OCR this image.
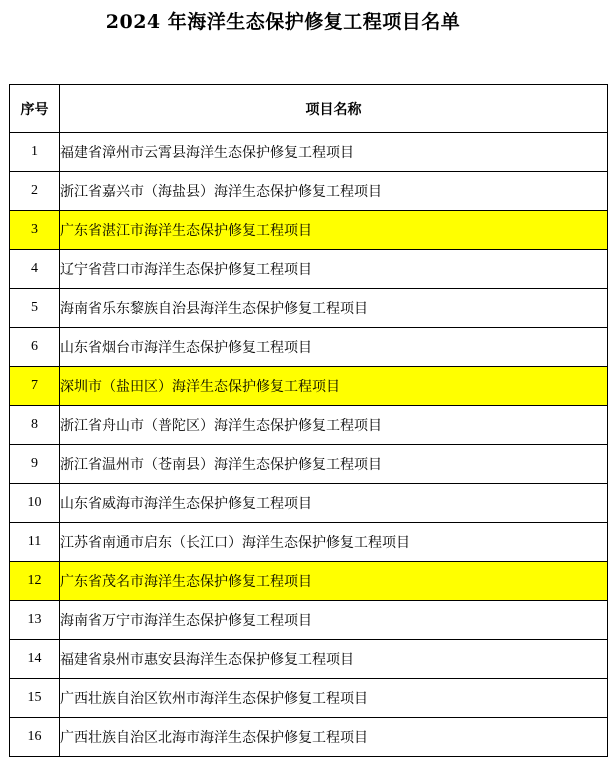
2024 年海洋生态保护修复工程项目名单
序号	项目名称
1	福建省漳州市云霄县海洋生态保护修复工程项目
2	浙江省嘉兴市（海盐县）海洋生态保护修复工程项目
3	广东省湛江市海洋生态保护修复工程项目
4	辽宁省营口市海洋生态保护修复工程项目
5	海南省乐东黎族自治县海洋生态保护修复工程项目
6	山东省烟台市海洋生态保护修复工程项目
7	深圳市（盐田区）海洋生态保护修复工程项目
8	浙江省舟山市（普陀区）海洋生态保护修复工程项目
9	浙江省温州市（苍南县）海洋生态保护修复工程项目
10	山东省威海市海洋生态保护修复工程项目
11	江苏省南通市启东（长江口）海洋生态保护修复工程项目
12	广东省茂名市海洋生态保护修复工程项目
13	海南省万宁市海洋生态保护修复工程项目
14	福建省泉州市惠安县海洋生态保护修复工程项目
15	广西壮族自治区钦州市海洋生态保护修复工程项目
16	广西壮族自治区北海市海洋生态保护修复工程项目
